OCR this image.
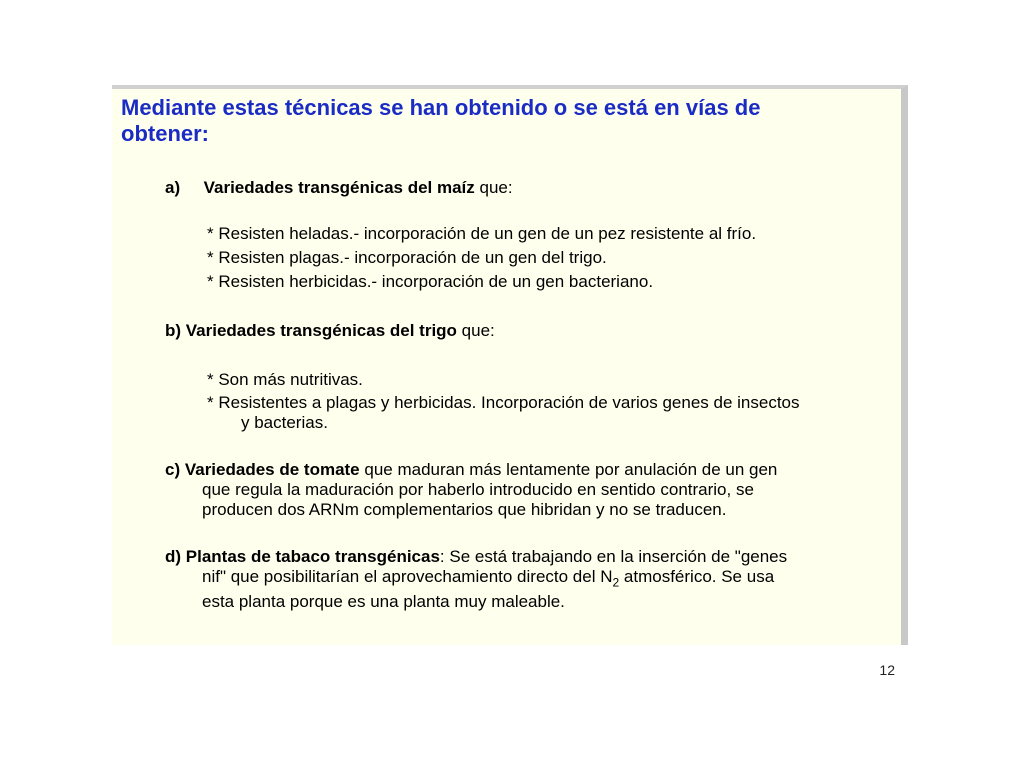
Mediante estas técnicas se han obtenido o se está en vías de
obtener:
a) Variedades transgénicas del maíz que:
* Resisten heladas.- incorporación de un gen de un pez resistente al frío.
* Resisten plagas.- incorporación de un gen del trigo.
* Resisten herbicidas.- incorporación de un gen bacteriano.
b) Variedades transgénicas del trigo que:
* Son más nutritivas.
* Resistentes a plagas y herbicidas. Incorporación de varios genes de insectos
y bacterias.
c) Variedades de tomate que maduran más lentamente por anulación de un gen
que regula la maduración por haberlo introducido en sentido contrario, se
producen dos ARNm complementarios que hibridan y no se traducen.
d) Plantas de tabaco transgénicas: Se está trabajando en la inserción de "genes
nif" que posibilitarían el aprovechamiento directo del $N_2$ atmosférico. Se usa
esta planta porque es una planta muy maleable.
12
